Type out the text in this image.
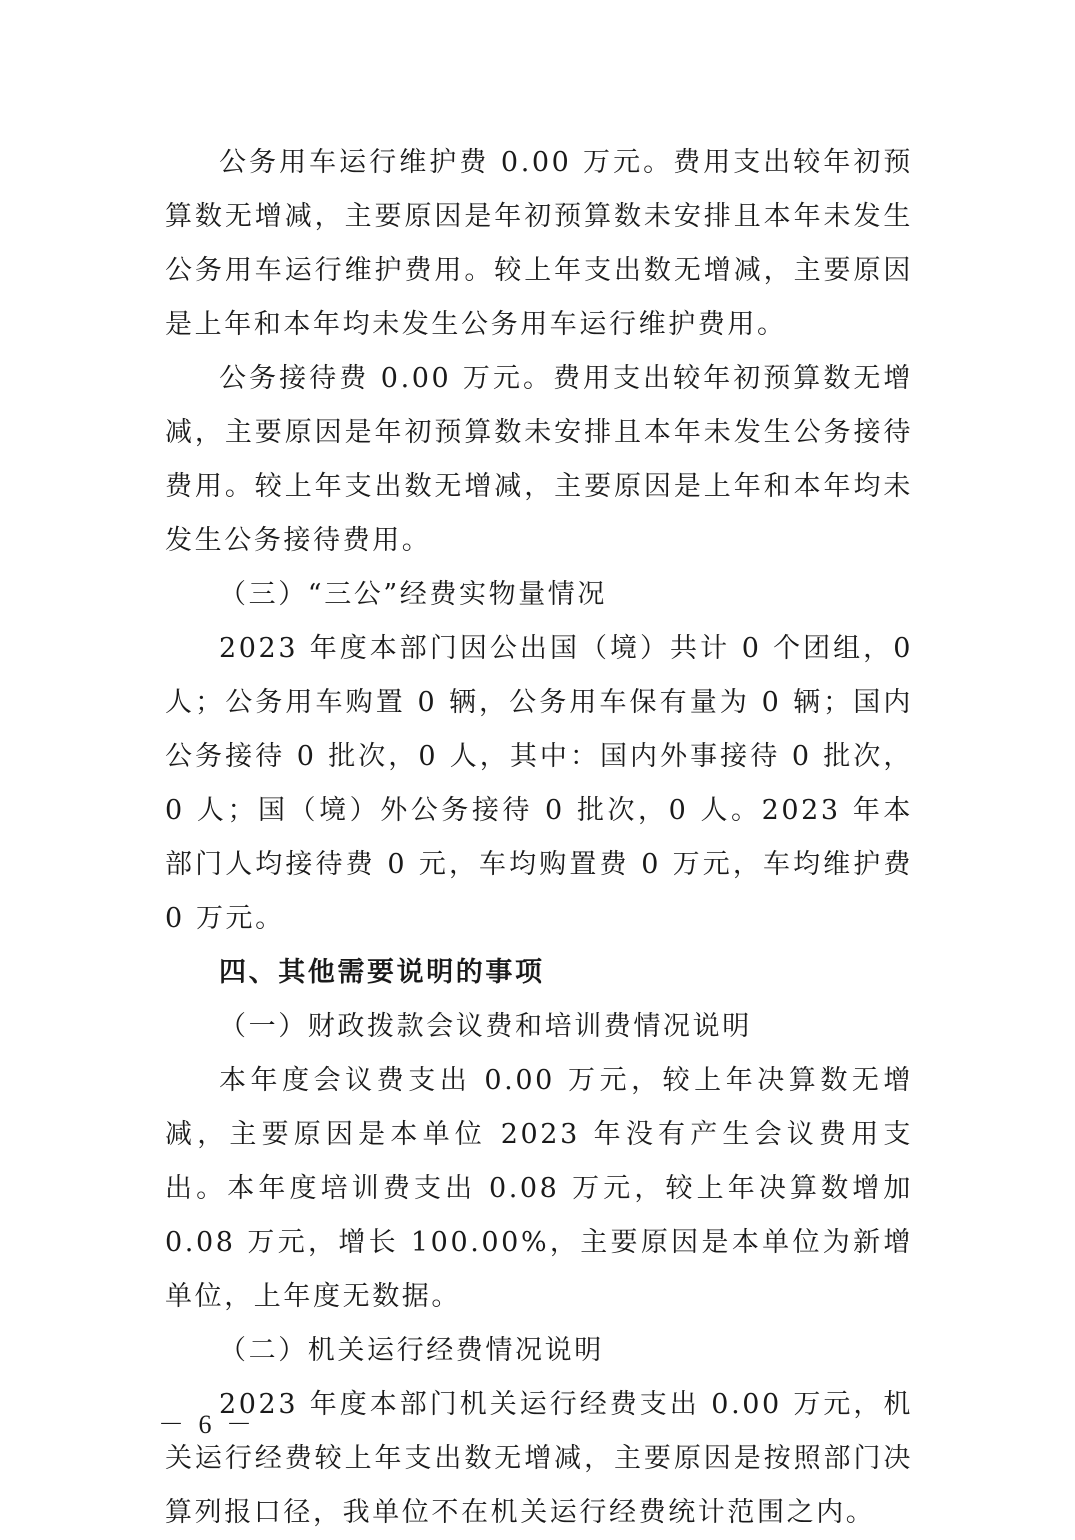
公务用车运行维护费 0.00 万元。费用支出较年初预算数无增减，主要原因是年初预算数未安排且本年未发生公务用车运行维护费用。较上年支出数无增减，主要原因是上年和本年均未发生公务用车运行维护费用。

公务接待费 0.00 万元。费用支出较年初预算数无增减，主要原因是年初预算数未安排且本年未发生公务接待费用。较上年支出数无增减，主要原因是上年和本年均未发生公务接待费用。

（三）“三公”经费实物量情况

2023 年度本部门因公出国（境）共计 0 个团组，0 人；公务用车购置 0 辆，公务用车保有量为 0 辆；国内公务接待 0 批次，0 人，其中：国内外事接待 0 批次，0 人；国（境）外公务接待 0 批次，0 人。2023 年本部门人均接待费 0 元，车均购置费 0 万元，车均维护费 0 万元。

四、其他需要说明的事项

（一）财政拨款会议费和培训费情况说明

本年度会议费支出 0.00 万元，较上年决算数无增减，主要原因是本单位 2023 年没有产生会议费用支出。本年度培训费支出 0.08 万元，较上年决算数增加 0.08 万元，增长 100.00%，主要原因是本单位为新增单位，上年度无数据。

（二）机关运行经费情况说明

2023 年度本部门机关运行经费支出 0.00 万元，机关运行经费较上年支出数无增减，主要原因是按照部门决算列报口径，我单位不在机关运行经费统计范围之内。

－ 6 －
